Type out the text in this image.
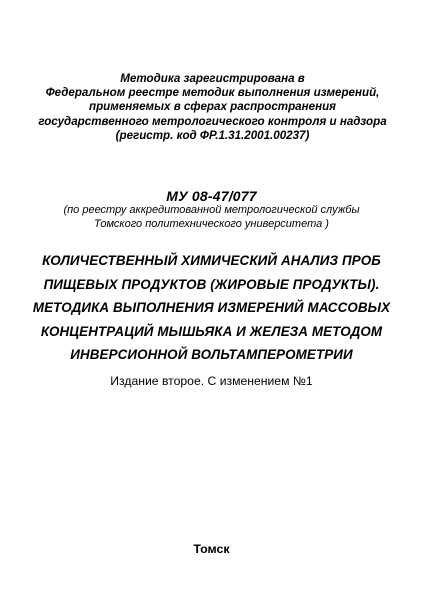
Методика зарегистрирована в
Федеральном реестре методик выполнения измерений,
применяемых в сферах распространения
государственного метрологического контроля и надзора
(регистр. код ФР.1.31.2001.00237)
МУ 08-47/077
(по реестру аккредитованной метрологической службы
Томского политехнического университета )
КОЛИЧЕСТВЕННЫЙ ХИМИЧЕСКИЙ АНАЛИЗ ПРОБ
ПИЩЕВЫХ ПРОДУКТОВ (ЖИРОВЫЕ ПРОДУКТЫ).
МЕТОДИКА ВЫПОЛНЕНИЯ ИЗМЕРЕНИЙ МАССОВЫХ
КОНЦЕНТРАЦИЙ МЫШЬЯКА И ЖЕЛЕЗА МЕТОДОМ
ИНВЕРСИОННОЙ ВОЛЬТАМПЕРОМЕТРИИ
Издание второе. С изменением №1
Томск
